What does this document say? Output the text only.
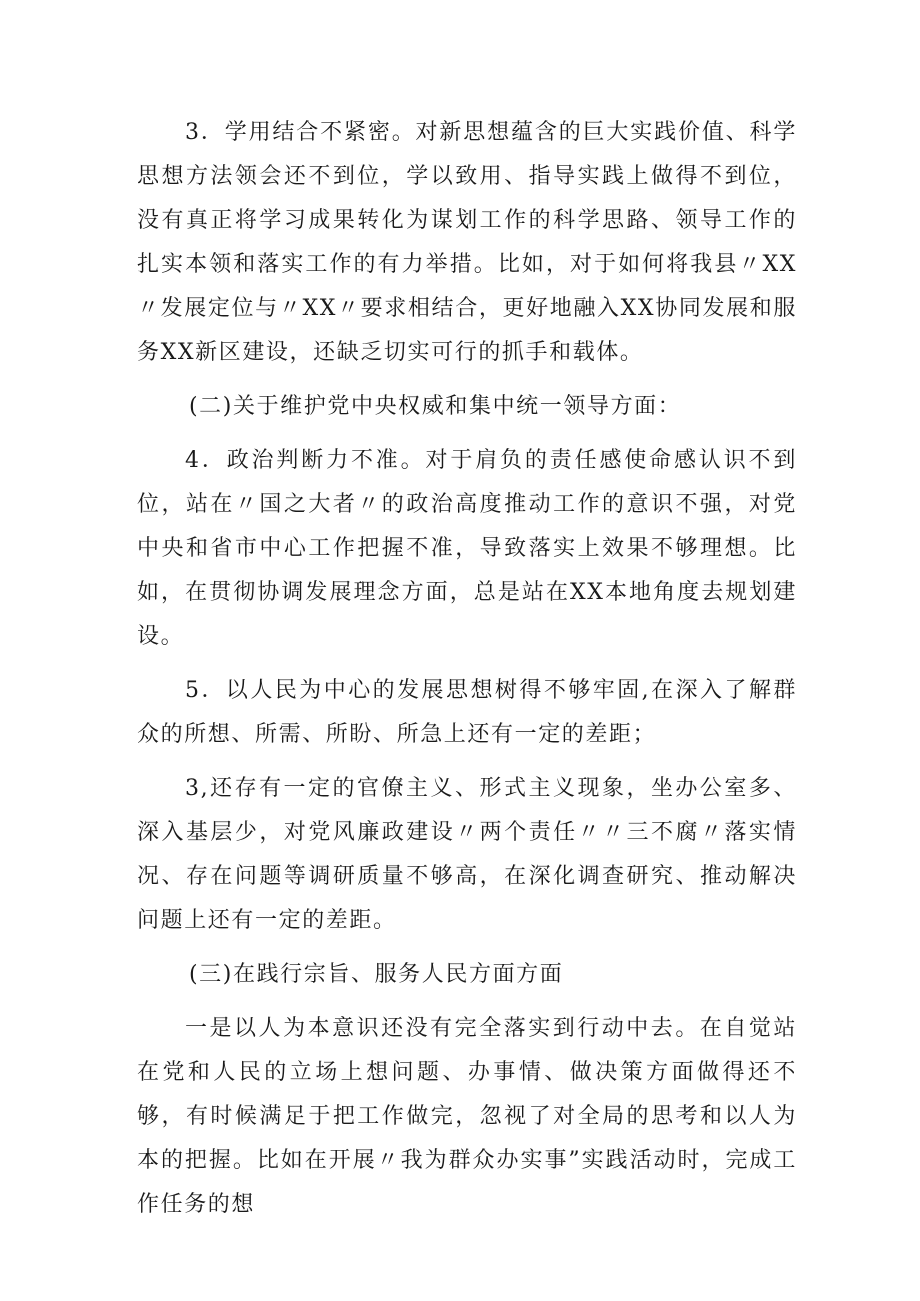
3．学用结合不紧密。对新思想蕴含的巨大实践价值、科学思想方法领会还不到位，学以致用、指导实践上做得不到位，没有真正将学习成果转化为谋划工作的科学思路、领导工作的扎实本领和落实工作的有力举措。比如，对于如何将我县〃XX〃发展定位与〃XX〃要求相结合，更好地融入XX协同发展和服务XX新区建设，还缺乏切实可行的抓手和载体。

(二)关于维护党中央权威和集中统一领导方面：

4．政治判断力不准。对于肩负的责任感使命感认识不到位，站在〃国之大者〃的政治高度推动工作的意识不强，对党中央和省市中心工作把握不准，导致落实上效果不够理想。比如，在贯彻协调发展理念方面，总是站在XX本地角度去规划建设。

5．以人民为中心的发展思想树得不够牢固,在深入了解群众的所想、所需、所盼、所急上还有一定的差距；

3,还存有一定的官僚主义、形式主义现象，坐办公室多、深入基层少，对党风廉政建设〃两个责任〃〃三不腐〃落实情况、存在问题等调研质量不够高，在深化调查研究、推动解决问题上还有一定的差距。

(三)在践行宗旨、服务人民方面方面

一是以人为本意识还没有完全落实到行动中去。在自觉站在党和人民的立场上想问题、办事情、做决策方面做得还不够，有时候满足于把工作做完，忽视了对全局的思考和以人为本的把握。比如在开展〃我为群众办实事”实践活动时，完成工作任务的想
